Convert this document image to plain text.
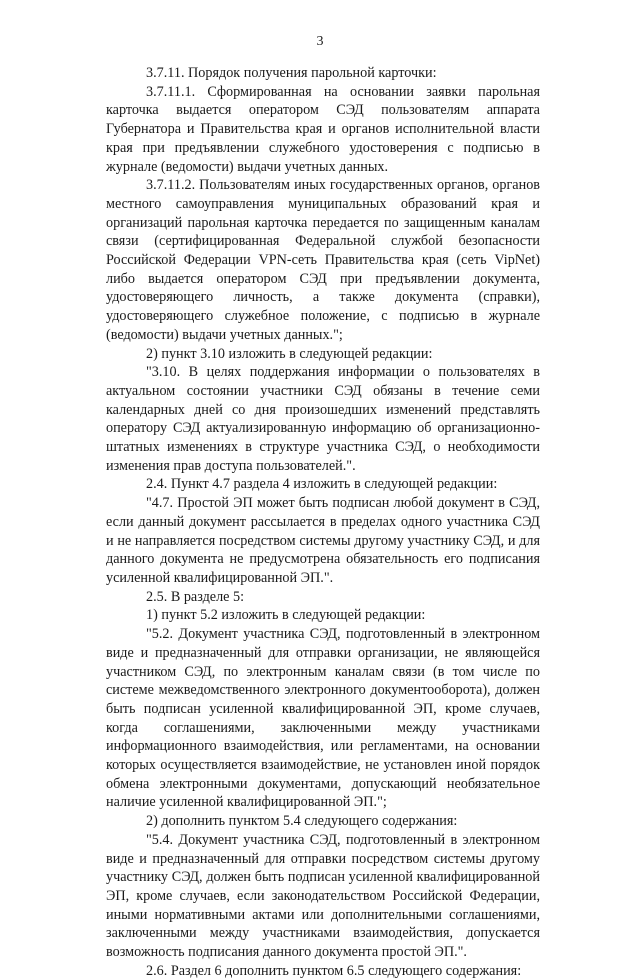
3

3.7.11. Порядок получения парольной карточки:

3.7.11.1. Сформированная на основании заявки парольная карточка выдается оператором СЭД пользователям аппарата Губернатора и Правительства края и органов исполнительной власти края при предъявлении служебного удостоверения с подписью в журнале (ведомости) выдачи учетных данных.

3.7.11.2. Пользователям иных государственных органов, органов местного самоуправления муниципальных образований края и организаций парольная карточка передается по защищенным каналам связи (сертифицированная Федеральной службой безопасности Российской Федерации VPN-сеть Правительства края (сеть VipNet) либо выдается оператором СЭД при предъявлении документа, удостоверяющего личность, а также документа (справки), удостоверяющего служебное положение, с подписью в журнале (ведомости) выдачи учетных данных.";

2) пункт 3.10 изложить в следующей редакции:

"3.10. В целях поддержания информации о пользователях в актуальном состоянии участники СЭД обязаны в течение семи календарных дней со дня произошедших изменений представлять оператору СЭД актуализированную информацию об организационно-штатных изменениях в структуре участника СЭД, о необходимости изменения прав доступа пользователей.".

2.4. Пункт 4.7 раздела 4 изложить в следующей редакции:

"4.7. Простой ЭП может быть подписан любой документ в СЭД, если данный документ рассылается в пределах одного участника СЭД и не направляется посредством системы другому участнику СЭД, и для данного документа не предусмотрена обязательность его подписания усиленной квалифицированной ЭП.".

2.5. В разделе 5:

1) пункт 5.2 изложить в следующей редакции:

"5.2. Документ участника СЭД, подготовленный в электронном виде и предназначенный для отправки организации, не являющейся участником СЭД, по электронным каналам связи (в том числе по системе межведомственного электронного документооборота), должен быть подписан усиленной квалифицированной ЭП, кроме случаев, когда соглашениями, заключенными между участниками информационного взаимодействия, или регламентами, на основании которых осуществляется взаимодействие, не установлен иной порядок обмена электронными документами, допускающий необязательное наличие усиленной квалифицированной ЭП.";

2) дополнить пунктом 5.4 следующего содержания:

"5.4. Документ участника СЭД, подготовленный в электронном виде и предназначенный для отправки посредством системы другому участнику СЭД, должен быть подписан усиленной квалифицированной ЭП, кроме случаев, если законодательством Российской Федерации, иными нормативными актами или дополнительными соглашениями, заключенными между участниками взаимодействия, допускается возможность подписания данного документа простой ЭП.".

2.6. Раздел 6 дополнить пунктом 6.5 следующего содержания:
